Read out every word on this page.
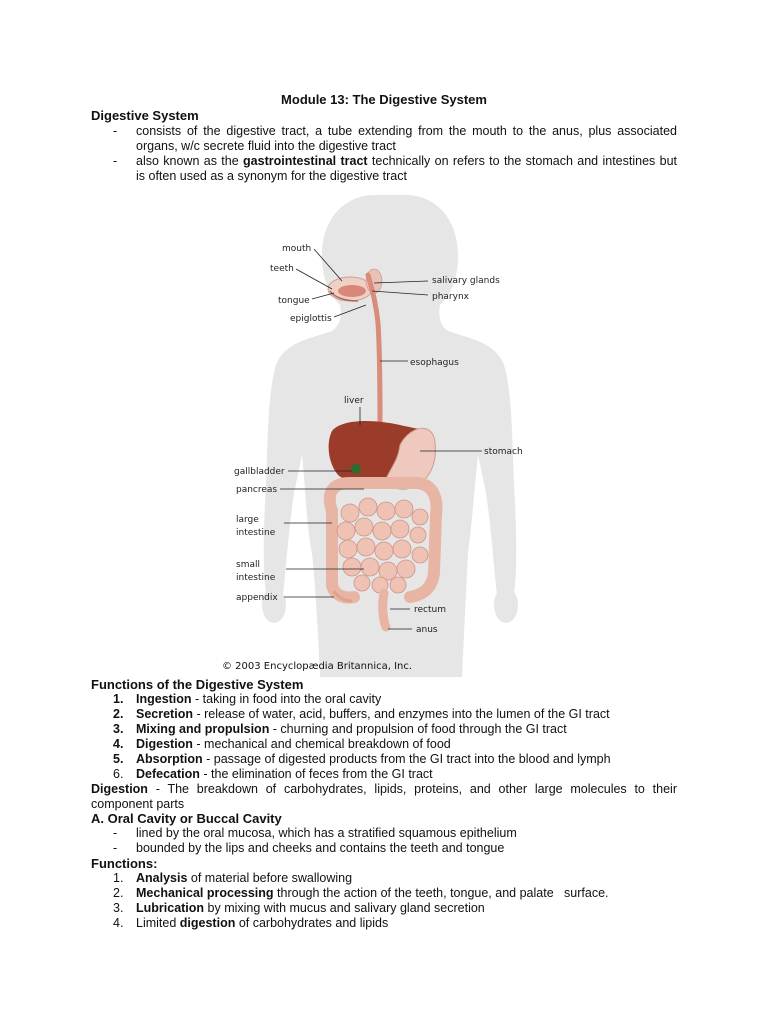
Module 13: The Digestive System
Digestive System
- consists of the digestive tract, a tube extending from the mouth to the anus, plus associated organs, w/c secrete fluid into the digestive tract
- also known as the gastrointestinal tract technically on refers to the stomach and intestines but is often used as a synonym for the digestive tract
mouth
teeth
tongue
epiglottis
salivary glands
pharynx
esophagus
liver
stomach
gallbladder
pancreas
large
intestine
small
intestine
appendix
rectum
anus
© 2003 Encyclopædia Britannica, Inc.
Functions of the Digestive System
1.	Ingestion - taking in food into the oral cavity
2.	Secretion - release of water, acid, buffers, and enzymes into the lumen of the GI tract
3.	Mixing and propulsion - churning and propulsion of food through the GI tract
4.	Digestion - mechanical and chemical breakdown of food
5.	Absorption - passage of digested products from the GI tract into the blood and lymph
6.	Defecation - the elimination of feces from the GI tract
Digestion - The breakdown of carbohydrates, lipids, proteins, and other large molecules to their component parts
A. Oral Cavity or Buccal Cavity
- lined by the oral mucosa, which has a stratified squamous epithelium
- bounded by the lips and cheeks and contains the teeth and tongue
Functions:
1.	Analysis of material before swallowing
2.	Mechanical processing through the action of the teeth, tongue, and palate   surface.
3.	Lubrication by mixing with mucus and salivary gland secretion
4.	Limited digestion of carbohydrates and lipids
